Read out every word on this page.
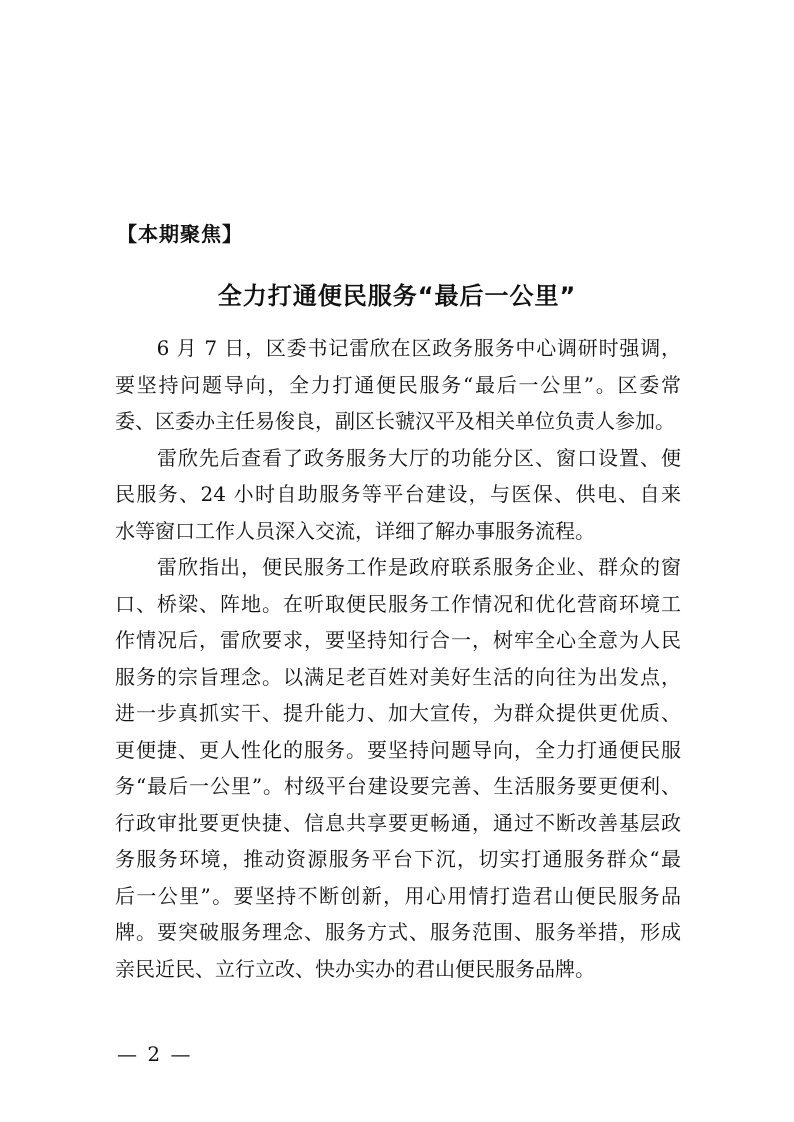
【本期聚焦】
全力打通便民服务“最后一公里”
　　6 月 7 日，区委书记雷欣在区政务服务中心调研时强调，
要坚持问题导向，全力打通便民服务“最后一公里”。区委常
委、区委办主任易俊良，副区长虢汉平及相关单位负责人参加。
　　雷欣先后查看了政务服务大厅的功能分区、窗口设置、便
民服务、24 小时自助服务等平台建设，与医保、供电、自来
水等窗口工作人员深入交流，详细了解办事服务流程。
　　雷欣指出，便民服务工作是政府联系服务企业、群众的窗
口、桥梁、阵地。在听取便民服务工作情况和优化营商环境工
作情况后，雷欣要求，要坚持知行合一，树牢全心全意为人民
服务的宗旨理念。以满足老百姓对美好生活的向往为出发点，
进一步真抓实干、提升能力、加大宣传，为群众提供更优质、
更便捷、更人性化的服务。要坚持问题导向，全力打通便民服
务“最后一公里”。村级平台建设要完善、生活服务要更便利、
行政审批要更快捷、信息共享要更畅通，通过不断改善基层政
务服务环境，推动资源服务平台下沉，切实打通服务群众“最
后一公里”。要坚持不断创新，用心用情打造君山便民服务品
牌。要突破服务理念、服务方式、服务范围、服务举措，形成
亲民近民、立行立改、快办实办的君山便民服务品牌。
— 2 —
